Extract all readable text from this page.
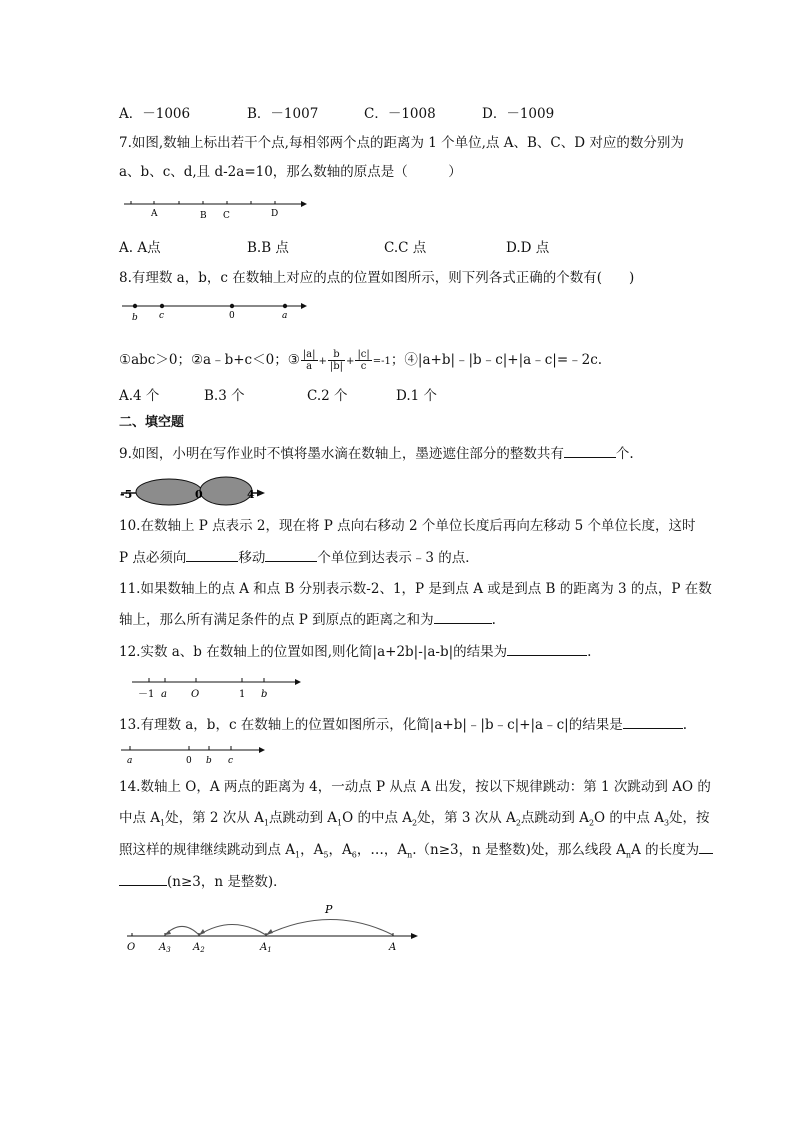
A．－1006	B．－1007	C．－1008	D．－1009
7.如图,数轴上标出若干个点,每相邻两个点的距离为 1 个单位,点 A、B、C、D 对应的数分别为
a、b、c、d,且 d-2a=10，那么数轴的原点是（　　　）
A	B C	D
A. A点	B.B 点	C.C 点	D.D 点
8.有理数 a，b，c 在数轴上对应的点的位置如图所示，则下列各式正确的个数有(　　)
b c	0	a
①abc＞0；②a﹣b+c＜0；③ $\frac{|a|}{a} + \frac{b}{|b|} + \frac{|c|}{c} =-1$；④|a+b|﹣|b﹣c|+|a﹣c|=﹣2c.
A.4 个	B.3 个	C.2 个	D.1 个
二、填空题
9.如图，小明在写作业时不慎将墨水滴在数轴上，墨迹遮住部分的整数共有	个.
-5	0	4
10.在数轴上 P 点表示 2，现在将 P 点向右移动 2 个单位长度后再向左移动 5 个单位长度，这时
P 点必须向	移动	个单位到达表示﹣3 的点．
11.如果数轴上的点 A 和点 B 分别表示数-2、1，P 是到点 A 或是到点 B 的距离为 3 的点，P 在数
轴上，那么所有满足条件的点 P 到原点的距离之和为	.
12.实数 a、b 在数轴上的位置如图,则化简|a+2b|-|a-b|的结果为	.
－1 a O	1 b
13.有理数 a，b，c 在数轴上的位置如图所示，化简|a+b|﹣|b﹣c|+|a﹣c|的结果是	.
a	0 b c
14.数轴上 O，A 两点的距离为 4，一动点 P 从点 A 出发，按以下规律跳动：第 1 次跳动到 AO 的
中点 $A_1$处，第 2 次从 $A_1$点跳动到 $A_1O$ 的中点 $A_2$处，第 3 次从 $A_2$点跳动到 $A_2O$ 的中点 $A_3$处，按
照这样的规律继续跳动到点 $A_1$，$A_5$，$A_6$，…，$A_n.(n\ge 3$，n 是整数)处，那么线段 $A_nA$ 的长度为
(n≥3，n 是整数)．
P
O $A_3$ $A_2$	$A_1$	A
